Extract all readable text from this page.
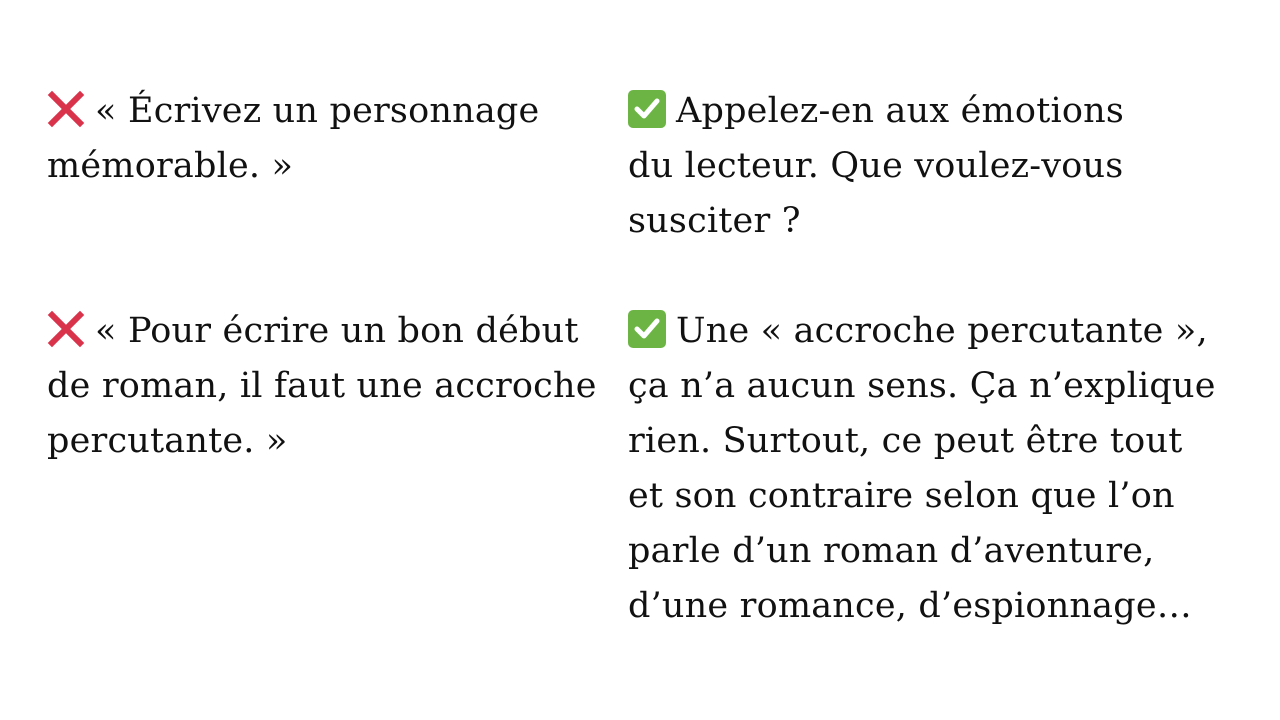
« Écrivez un personnage
mémorable. »
Appelez-en aux émotions
du lecteur. Que voulez-vous
susciter ?
« Pour écrire un bon début
de roman, il faut une accroche
percutante. »
Une « accroche percutante »,
ça n’a aucun sens. Ça n’explique
rien. Surtout, ce peut être tout
et son contraire selon que l’on
parle d’un roman d’aventure,
d’une romance, d’espionnage…
